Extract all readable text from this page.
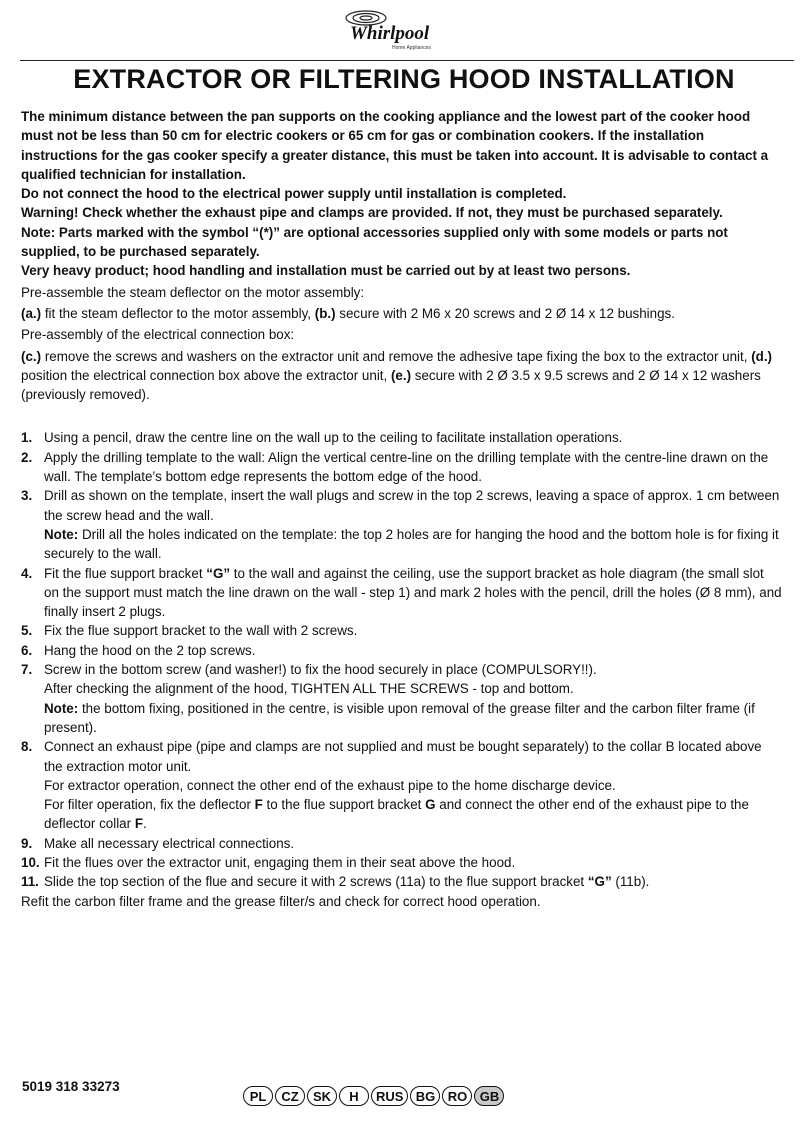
Whirlpool
Home Appliances
EXTRACTOR OR FILTERING HOOD INSTALLATION

The minimum distance between the pan supports on the cooking appliance and the lowest part of the cooker hood must not be less than 50 cm for electric cookers or 65 cm for gas or combination cookers. If the installation instructions for the gas cooker specify a greater distance, this must be taken into account. It is advisable to contact a qualified technician for installation.

Do not connect the hood to the electrical power supply until installation is completed.

Warning! Check whether the exhaust pipe and clamps are provided. If not, they must be purchased separately.

Note: Parts marked with the symbol “(*)” are optional accessories supplied only with some models or parts not supplied, to be purchased separately.

Very heavy product; hood handling and installation must be carried out by at least two persons.

Pre-assemble the steam deflector on the motor assembly:

(a.) fit the steam deflector to the motor assembly, (b.) secure with 2 M6 x 20 screws and 2 Ø 14 x 12 bushings.

Pre-assembly of the electrical connection box:

(c.) remove the screws and washers on the extractor unit and remove the adhesive tape fixing the box to the extractor unit, (d.) position the electrical connection box above the extractor unit, (e.) secure with 2 Ø 3.5 x 9.5 screws and 2 Ø 14 x 12 washers (previously removed).

1. Using a pencil, draw the centre line on the wall up to the ceiling to facilitate installation operations.
2. Apply the drilling template to the wall: Align the vertical centre-line on the drilling template with the centre-line drawn on the wall. The template’s bottom edge represents the bottom edge of the hood.
3. Drill as shown on the template, insert the wall plugs and screw in the top 2 screws, leaving a space of approx. 1 cm between the screw head and the wall.
Note: Drill all the holes indicated on the template: the top 2 holes are for hanging the hood and the bottom hole is for fixing it securely to the wall.
4. Fit the flue support bracket “G” to the wall and against the ceiling, use the support bracket as hole diagram (the small slot on the support must match the line drawn on the wall - step 1) and mark 2 holes with the pencil, drill the holes (Ø 8 mm), and finally insert 2 plugs.
5. Fix the flue support bracket to the wall with 2 screws.
6. Hang the hood on the 2 top screws.
7. Screw in the bottom screw (and washer!) to fix the hood securely in place (COMPULSORY!!).
After checking the alignment of the hood, TIGHTEN ALL THE SCREWS - top and bottom.
Note: the bottom fixing, positioned in the centre, is visible upon removal of the grease filter and the carbon filter frame (if present).
8. Connect an exhaust pipe (pipe and clamps are not supplied and must be bought separately) to the collar B located above the extraction motor unit.
For extractor operation, connect the other end of the exhaust pipe to the home discharge device.
For filter operation, fix the deflector F to the flue support bracket G and connect the other end of the exhaust pipe to the deflector collar F.
9. Make all necessary electrical connections.
10. Fit the flues over the extractor unit, engaging them in their seat above the hood.
11. Slide the top section of the flue and secure it with 2 screws (11a) to the flue support bracket “G” (11b).

Refit the carbon filter frame and the grease filter/s and check for correct hood operation.

5019 318 33273
PL	CZ	SK	H	RUS BG RO GB
